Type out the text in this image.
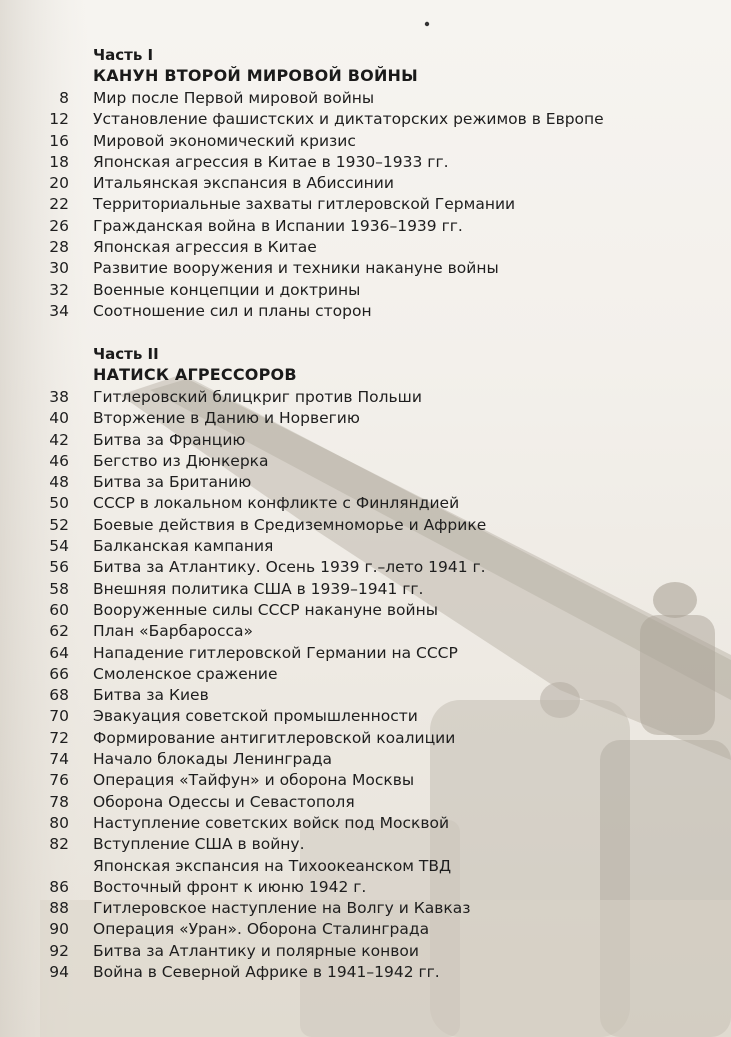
Часть I
КАНУН ВТОРОЙ МИРОВОЙ ВОЙНЫ
8 Мир после Первой мировой войны
12 Установление фашистских и диктаторских режимов в Европе
16 Мировой экономический кризис
18 Японская агрессия в Китае в 1930–1933 гг.
20 Итальянская экспансия в Абиссинии
22 Территориальные захваты гитлеровской Германии
26 Гражданская война в Испании 1936–1939 гг.
28 Японская агрессия в Китае
30 Развитие вооружения и техники накануне войны
32 Военные концепции и доктрины
34 Соотношение сил и планы сторон
Часть II
НАТИСК АГРЕССОРОВ
38 Гитлеровский блицкриг против Польши
40 Вторжение в Данию и Норвегию
42 Битва за Францию
46 Бегство из Дюнкерка
48 Битва за Британию
50 СССР в локальном конфликте с Финляндией
52 Боевые действия в Средиземноморье и Африке
54 Балканская кампания
56 Битва за Атлантику. Осень 1939 г.–лето 1941 г.
58 Внешняя политика США в 1939–1941 гг.
60 Вооруженные силы СССР накануне войны
62 План «Барбаросса»
64 Нападение гитлеровской Германии на СССР
66 Смоленское сражение
68 Битва за Киев
70 Эвакуация советской промышленности
72 Формирование антигитлеровской коалиции
74 Начало блокады Ленинграда
76 Операция «Тайфун» и оборона Москвы
78 Оборона Одессы и Севастополя
80 Наступление советских войск под Москвой
82 Вступление США в войну.
Японская экспансия на Тихоокеанском ТВД
86 Восточный фронт к июню 1942 г.
88 Гитлеровское наступление на Волгу и Кавказ
90 Операция «Уран». Оборона Сталинграда
92 Битва за Атлантику и полярные конвои
94 Война в Северной Африке в 1941–1942 гг.
